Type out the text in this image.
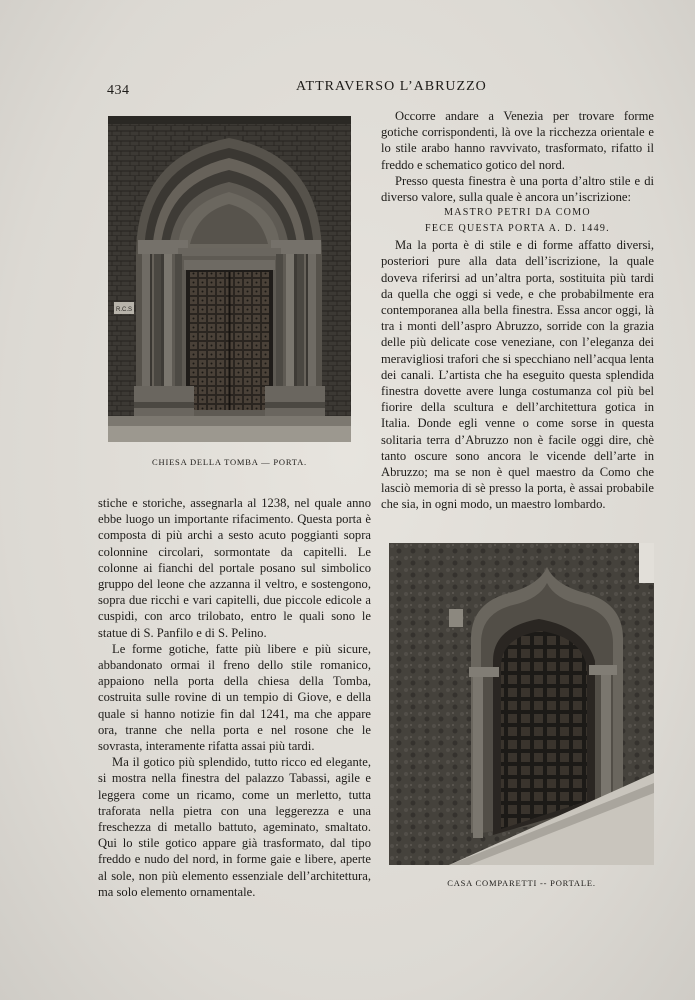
434	ATTRAVERSO L’ABRUZZO
R.C.S
CHIESA DELLA TOMBA — PORTA.

Occorre andare a Venezia per trovare forme gotiche corrispondenti, là ove la ricchezza orientale e lo stile arabo hanno ravvivato, trasformato, rifatto il freddo e schematico gotico del nord.

Presso questa finestra è una porta d’altro stile e di diverso valore, sulla quale è ancora un’iscrizione:

MASTRO PETRI DA COMO
FECE QUESTA PORTA A. D. 1449.

Ma la porta è di stile e di forme affatto diversi, posteriori pure alla data dell’iscrizione, la quale doveva riferirsi ad un’altra porta, sostituita più tardi da quella che oggi si vede, e che probabilmente era contemporanea alla bella finestra. Essa ancor oggi, là tra i monti dell’aspro Abruzzo, sorride con la grazia delle più delicate cose veneziane, con l’eleganza dei meravigliosi trafori che si specchiano nell’acqua lenta dei canali. L’artista che ha eseguito questa splendida finestra dovette avere lunga costumanza col più bel fiorire della scultura e dell’architettura gotica in Italia. Donde egli venne o come sorse in questa solitaria terra d’Abruzzo non è facile oggi dire, chè tanto oscure sono ancora le vicende dell’arte in Abruzzo; ma se non è quel maestro da Como che lasciò memoria di sè presso la porta, è assai probabile che sia, in ogni modo, un maestro lombardo.

stiche e storiche, assegnarla al 1238, nel quale anno ebbe luogo un importante rifacimento. Questa porta è composta di più archi a sesto acuto poggianti sopra colonnine circolari, sormontate da capitelli. Le colonne ai fianchi del portale posano sul simbolico gruppo del leone che azzanna il veltro, e sostengono, sopra due ricchi e vari capitelli, due piccole edicole a cuspidi, con arco trilobato, entro le quali sono le statue di S. Panfilo e di S. Pelino.

Le forme gotiche, fatte più libere e più sicure, abbandonato ormai il freno dello stile romanico, appaiono nella porta della chiesa della Tomba, costruita sulle rovine di un tempio di Giove, e della quale si hanno notizie fin dal 1241, ma che appare ora, tranne che nella porta e nel rosone che le sovrasta, interamente rifatta assai più tardi.

Ma il gotico più splendido, tutto ricco ed elegante, si mostra nella finestra del palazzo Tabassi, agile e leggera come un ricamo, come un merletto, tutta traforata nella pietra con una leggerezza e una freschezza di metallo battuto, ageminato, smaltato. Qui lo stile gotico appare già trasformato, dal tipo freddo e nudo del nord, in forme gaie e libere, aperte al sole, non più elemento essenziale dell’architettura, ma solo elemento ornamentale.

CASA COMPARETTI -- PORTALE.
